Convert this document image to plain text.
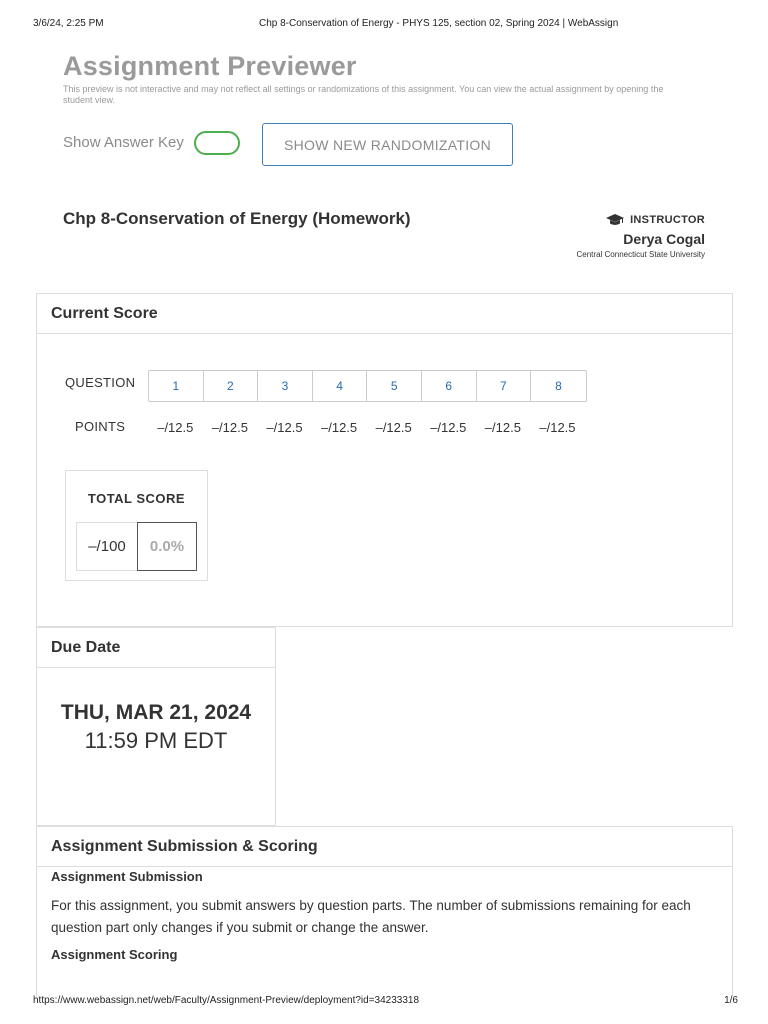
3/6/24, 2:25 PM	Chp 8-Conservation of Energy - PHYS 125, section 02, Spring 2024 | WebAssign
Assignment Previewer
This preview is not interactive and may not reflect all settings or randomizations of this assignment. You can view the actual assignment by opening the student view.
Show Answer Key	SHOW NEW RANDOMIZATION
Chp 8-Conservation of Energy (Homework)	INSTRUCTOR
Derya Cogal
Central Connecticut State University
Current Score
QUESTION	1	2	3	4	5	6	7	8
POINTS	–/12.5	–/12.5	–/12.5	–/12.5	–/12.5	–/12.5	–/12.5	–/12.5
TOTAL SCORE
–/100	0.0%
Due Date
THU, MAR 21, 2024
11:59 PM EDT
Assignment Submission & Scoring
Assignment Submission
For this assignment, you submit answers by question parts. The number of submissions remaining for each question part only changes if you submit or change the answer.
Assignment Scoring
https://www.webassign.net/web/Faculty/Assignment-Preview/deployment?id=34233318	1/6
